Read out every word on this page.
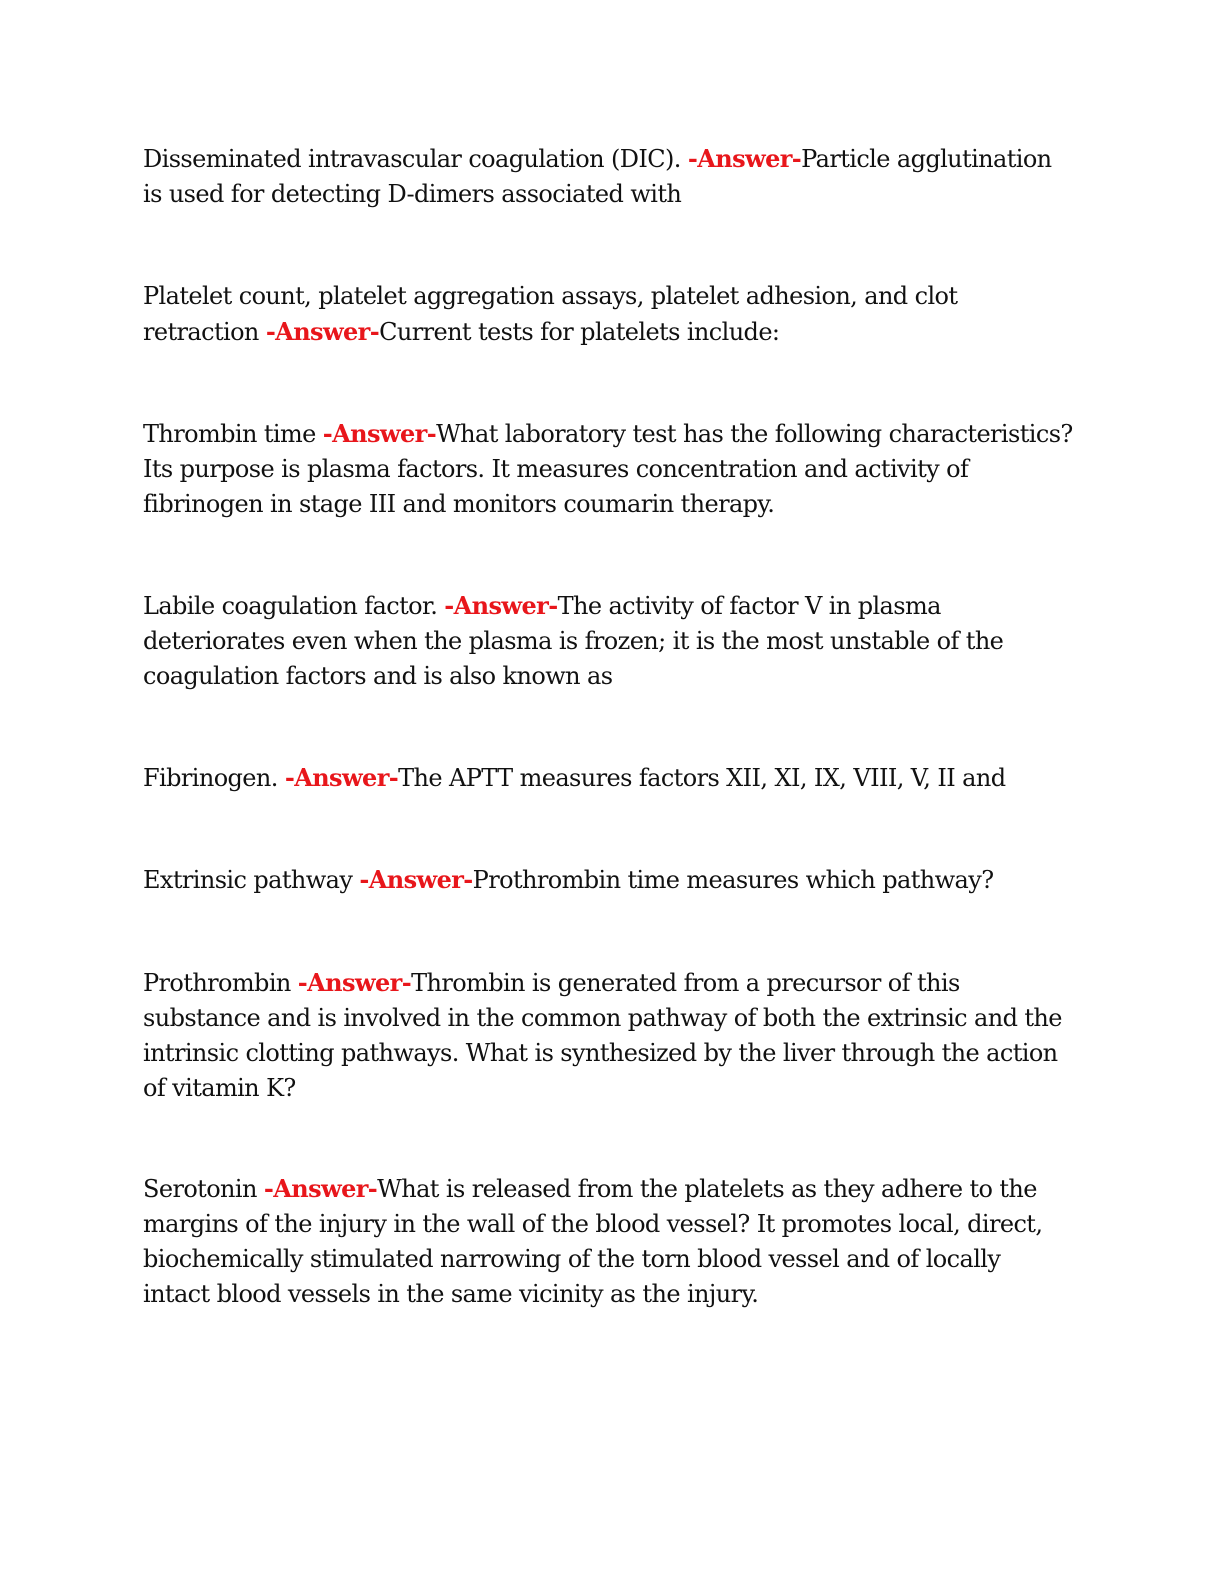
Disseminated intravascular coagulation (DIC). -Answer-Particle agglutination is used for detecting D-dimers associated with

Platelet count, platelet aggregation assays, platelet adhesion, and clot retraction -Answer-Current tests for platelets include:

Thrombin time -Answer-What laboratory test has the following characteristics? Its purpose is plasma factors. It measures concentration and activity of fibrinogen in stage III and monitors coumarin therapy.

Labile coagulation factor. -Answer-The activity of factor V in plasma deteriorates even when the plasma is frozen; it is the most unstable of the coagulation factors and is also known as

Fibrinogen. -Answer-The APTT measures factors XII, XI, IX, VIII, V, II and

Extrinsic pathway -Answer-Prothrombin time measures which pathway?

Prothrombin -Answer-Thrombin is generated from a precursor of this substance and is involved in the common pathway of both the extrinsic and the intrinsic clotting pathways. What is synthesized by the liver through the action of vitamin K?

Serotonin -Answer-What is released from the platelets as they adhere to the margins of the injury in the wall of the blood vessel? It promotes local, direct, biochemically stimulated narrowing of the torn blood vessel and of locally intact blood vessels in the same vicinity as the injury.
